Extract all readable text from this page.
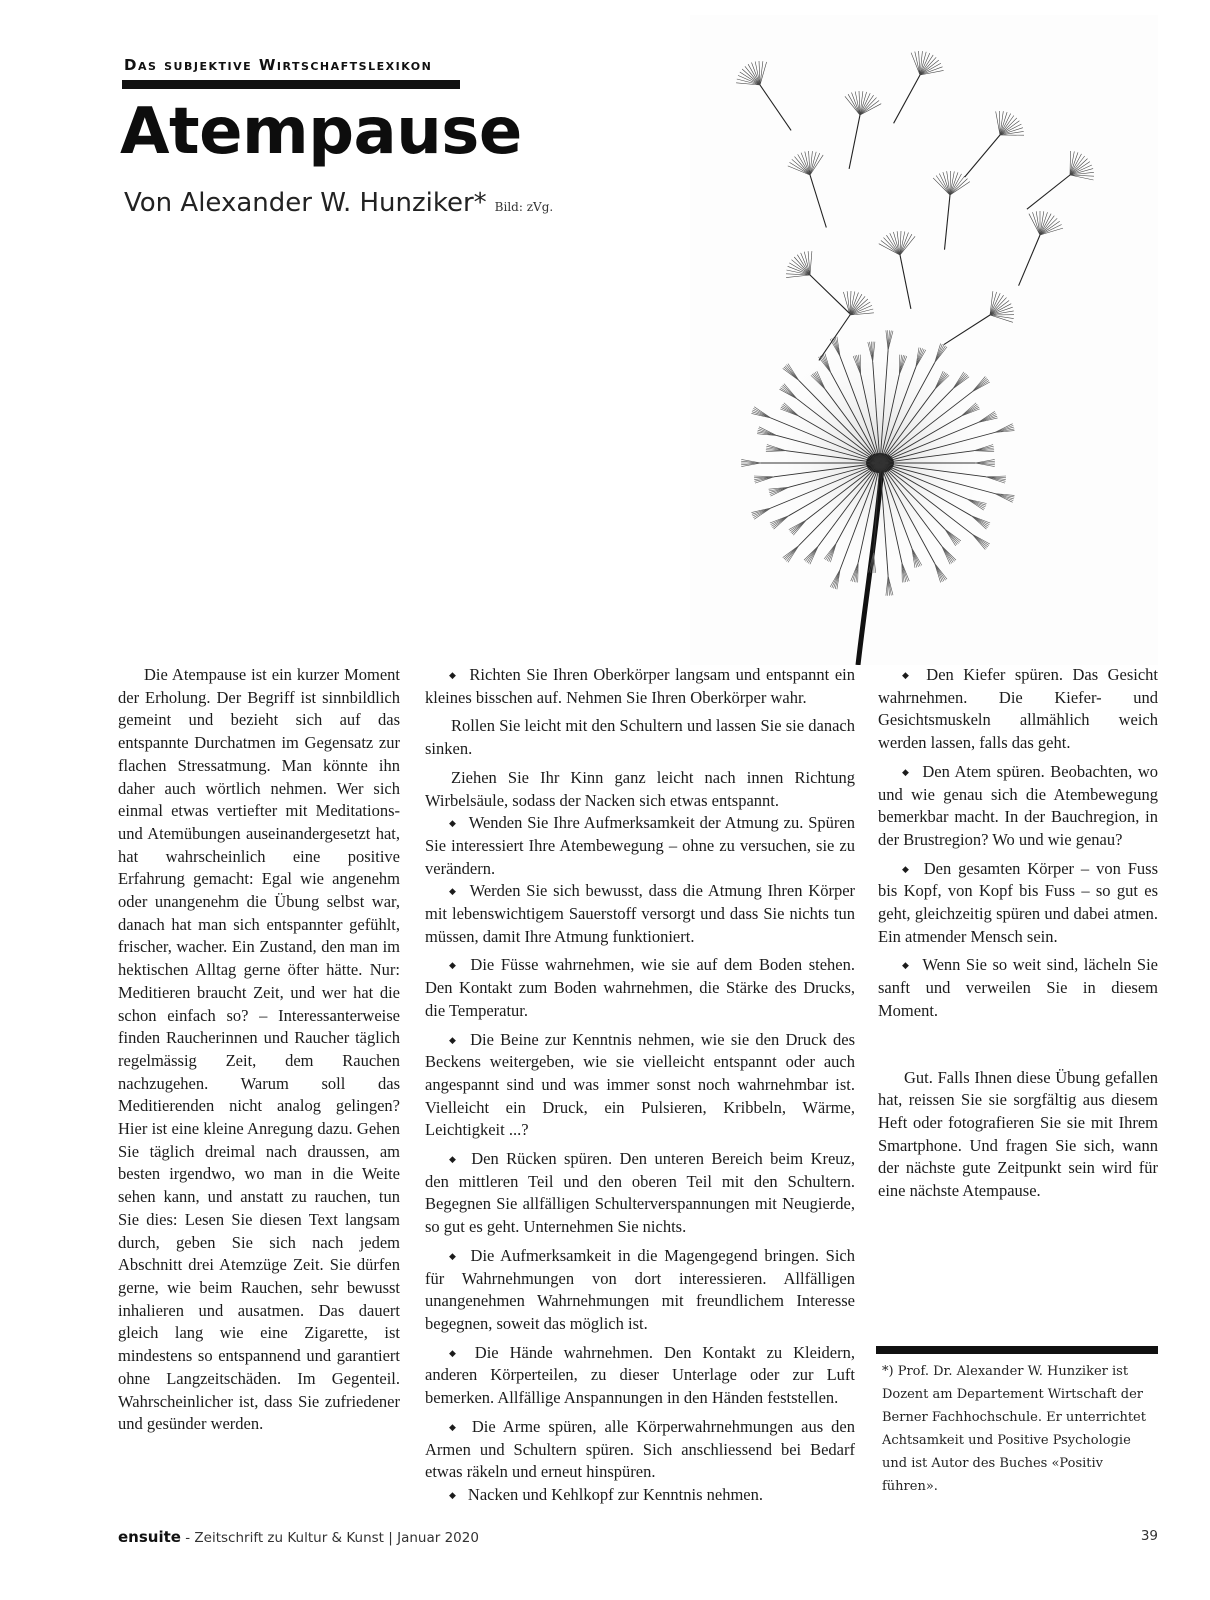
Das subjektive Wirtschaftslexikon
Atempause
Von Alexander W. Hunziker* Bild: zVg.

Die Atempause ist ein kurzer Moment der Erholung. Der Begriff ist sinnbildlich gemeint und bezieht sich auf das entspannte Durchatmen im Gegensatz zur flachen Stressatmung. Man könnte ihn daher auch wörtlich nehmen. Wer sich einmal etwas vertiefter mit Meditations- und Atemübungen auseinandergesetzt hat, hat wahrscheinlich eine positive Erfahrung gemacht: Egal wie angenehm oder unangenehm die Übung selbst war, danach hat man sich entspannter gefühlt, frischer, wacher. Ein Zustand, den man im hektischen Alltag gerne öfter hätte. Nur: Meditieren braucht Zeit, und wer hat die schon einfach so? – Interessanterweise finden Raucherinnen und Raucher täglich regelmässig Zeit, dem Rauchen nachzugehen. Warum soll das Meditierenden nicht analog gelingen? Hier ist eine kleine Anregung dazu. Gehen Sie täglich dreimal nach draussen, am besten irgendwo, wo man in die Weite sehen kann, und anstatt zu rauchen, tun Sie dies: Lesen Sie diesen Text langsam durch, geben Sie sich nach jedem Abschnitt drei Atemzüge Zeit. Sie dürfen gerne, wie beim Rauchen, sehr bewusst inhalieren und ausatmen. Das dauert gleich lang wie eine Zigarette, ist mindestens so entspannend und garantiert ohne Langzeitschäden. Im Gegenteil. Wahrscheinlicher ist, dass Sie zufriedener und gesünder werden.

◆ Richten Sie Ihren Oberkörper langsam und entspannt ein kleines bisschen auf. Nehmen Sie Ihren Oberkörper wahr.

Rollen Sie leicht mit den Schultern und lassen Sie sie danach sinken.

Ziehen Sie Ihr Kinn ganz leicht nach innen Richtung Wirbelsäule, sodass der Nacken sich etwas entspannt.

◆ Wenden Sie Ihre Aufmerksamkeit der Atmung zu. Spüren Sie interessiert Ihre Atembewegung – ohne zu versuchen, sie zu verändern.

◆ Werden Sie sich bewusst, dass die Atmung Ihren Körper mit lebenswichtigem Sauerstoff versorgt und dass Sie nichts tun müssen, damit Ihre Atmung funktioniert.

◆ Die Füsse wahrnehmen, wie sie auf dem Boden stehen. Den Kontakt zum Boden wahrnehmen, die Stärke des Drucks, die Temperatur.

◆ Die Beine zur Kenntnis nehmen, wie sie den Druck des Beckens weitergeben, wie sie vielleicht entspannt oder auch angespannt sind und was immer sonst noch wahrnehmbar ist. Vielleicht ein Druck, ein Pulsieren, Kribbeln, Wärme, Leichtigkeit ...?

◆ Den Rücken spüren. Den unteren Bereich beim Kreuz, den mittleren Teil und den oberen Teil mit den Schultern. Begegnen Sie allfälligen Schulterverspannungen mit Neugierde, so gut es geht. Unternehmen Sie nichts.

◆ Die Aufmerksamkeit in die Magengegend bringen. Sich für Wahrnehmungen von dort interessieren. Allfälligen unangenehmen Wahrnehmungen mit freundlichem Interesse begegnen, soweit das möglich ist.

◆ Die Hände wahrnehmen. Den Kontakt zu Kleidern, anderen Körperteilen, zu dieser Unterlage oder zur Luft bemerken. Allfällige Anspannungen in den Händen feststellen.

◆ Die Arme spüren, alle Körperwahrnehmungen aus den Armen und Schultern spüren. Sich anschliessend bei Bedarf etwas räkeln und erneut hinspüren.

◆ Nacken und Kehlkopf zur Kenntnis nehmen.

◆ Den Kiefer spüren. Das Gesicht wahrnehmen. Die Kiefer- und Gesichtsmuskeln allmählich weich werden lassen, falls das geht.

◆ Den Atem spüren. Beobachten, wo und wie genau sich die Atembewegung bemerkbar macht. In der Bauchregion, in der Brustregion? Wo und wie genau?

◆ Den gesamten Körper – von Fuss bis Kopf, von Kopf bis Fuss – so gut es geht, gleichzeitig spüren und dabei atmen. Ein atmender Mensch sein.

◆ Wenn Sie so weit sind, lächeln Sie sanft und verweilen Sie in diesem Moment.

Gut. Falls Ihnen diese Übung gefallen hat, reissen Sie sie sorgfältig aus diesem Heft oder fotografieren Sie sie mit Ihrem Smartphone. Und fragen Sie sich, wann der nächste gute Zeitpunkt sein wird für eine nächste Atempause.

*) Prof. Dr. Alexander W. Hunziker ist Dozent am Departement Wirtschaft der Berner Fachhochschule. Er unterrichtet Achtsamkeit und Positive Psychologie und ist Autor des Buches «Positiv führen».
ensuite - Zeitschrift zu Kultur & Kunst | Januar 2020	39
